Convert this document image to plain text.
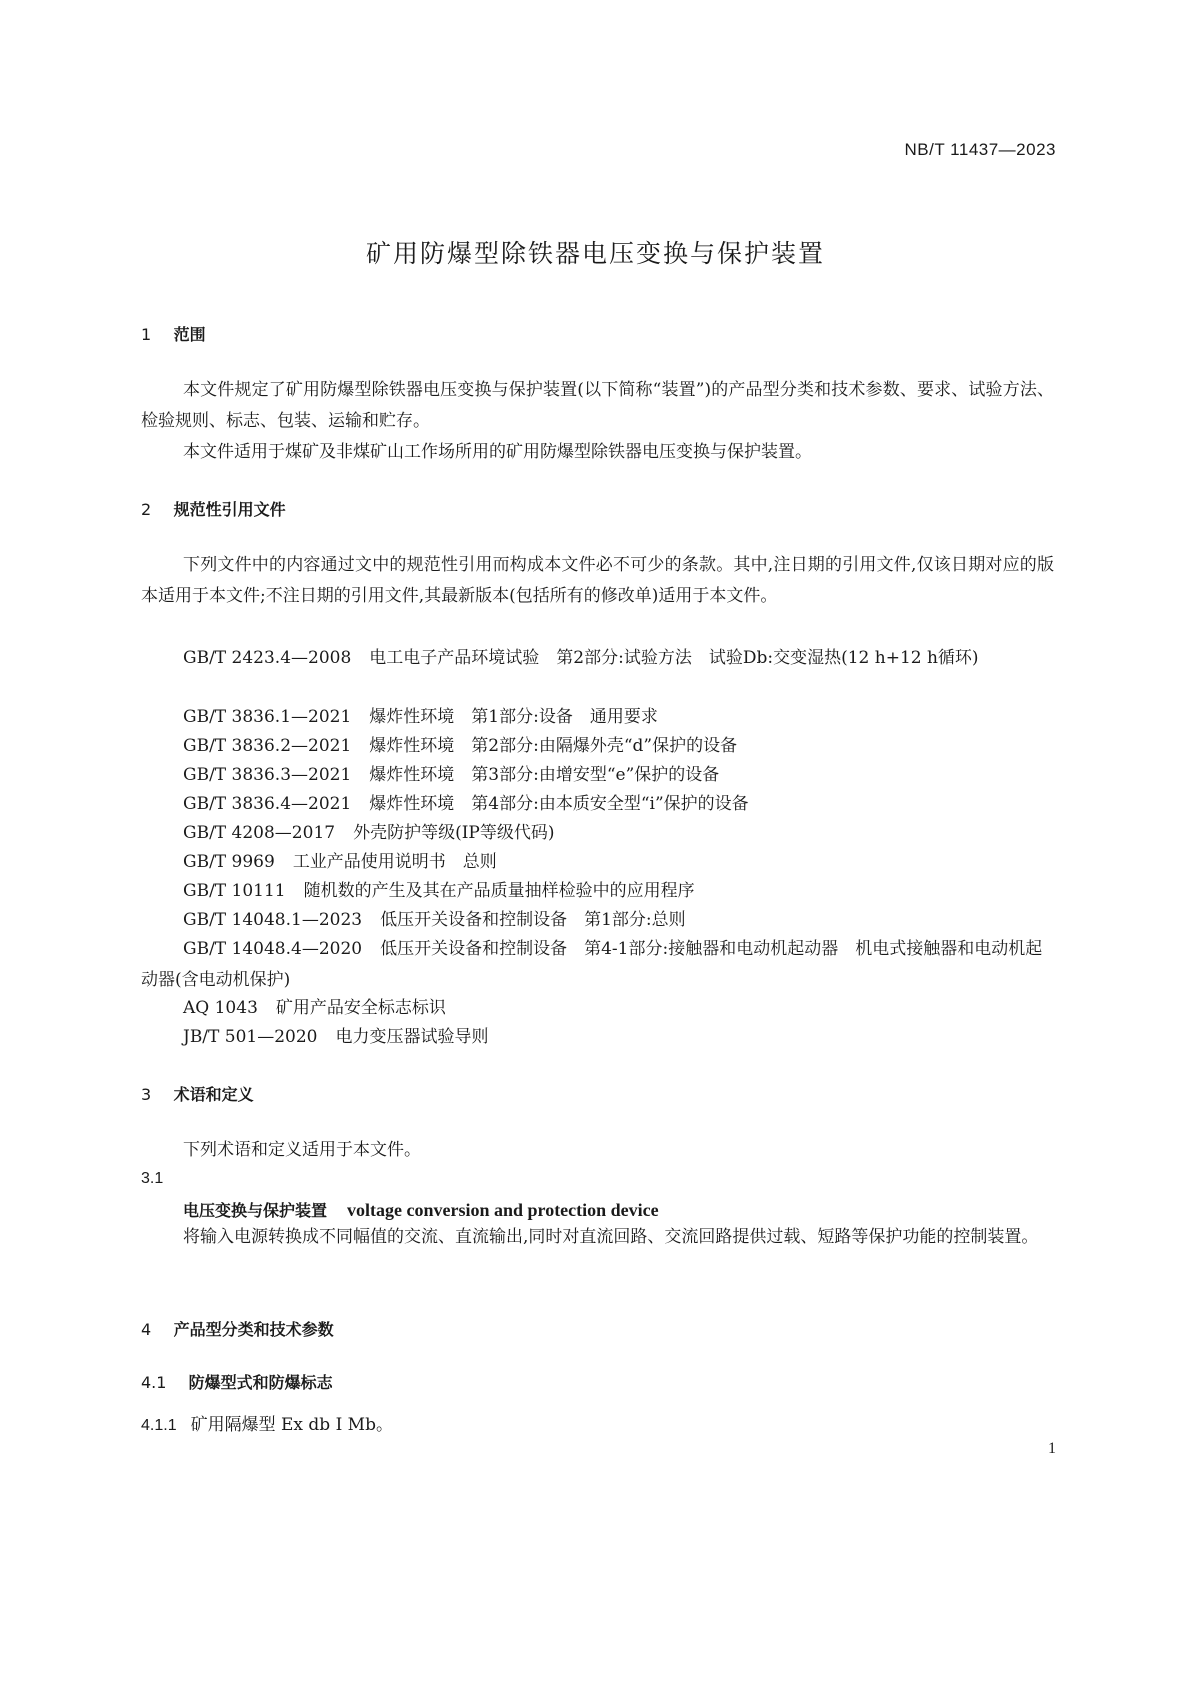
NB/T 11437—2023
矿用防爆型除铁器电压变换与保护装置
1 范围

本文件规定了矿用防爆型除铁器电压变换与保护装置(以下简称“装置”)的产品型分类和技术参数、要求、试验方法、检验规则、标志、包装、运输和贮存。

本文件适用于煤矿及非煤矿山工作场所用的矿用防爆型除铁器电压变换与保护装置。

2 规范性引用文件

下列文件中的内容通过文中的规范性引用而构成本文件必不可少的条款。其中,注日期的引用文件,仅该日期对应的版本适用于本文件;不注日期的引用文件,其最新版本(包括所有的修改单)适用于本文件。

GB/T 2423.4—2008 电工电子产品环境试验　第2部分:试验方法　试验Db:交变湿热(12 h+12 h循环)

GB/T 3836.1—2021 爆炸性环境　第1部分:设备　通用要求

GB/T 3836.2—2021 爆炸性环境　第2部分:由隔爆外壳“d”保护的设备

GB/T 3836.3—2021 爆炸性环境　第3部分:由增安型“e”保护的设备

GB/T 3836.4—2021 爆炸性环境　第4部分:由本质安全型“i”保护的设备

GB/T 4208—2017 外壳防护等级(IP等级代码)

GB/T 9969 工业产品使用说明书　总则

GB/T 10111 随机数的产生及其在产品质量抽样检验中的应用程序

GB/T 14048.1—2023 低压开关设备和控制设备　第1部分:总则

GB/T 14048.4—2020 低压开关设备和控制设备　第4-1部分:接触器和电动机起动器　机电式接触器和电动机起动器(含电动机保护)

AQ 1043 矿用产品安全标志标识

JB/T 501—2020 电力变压器试验导则

3 术语和定义

下列术语和定义适用于本文件。

3.1
电压变换与保护装置 voltage conversion and protection device

将输入电源转换成不同幅值的交流、直流输出,同时对直流回路、交流回路提供过载、短路等保护功能的控制装置。

4 产品型分类和技术参数
4.1 防爆型式和防爆标志
4.1.1 矿用隔爆型 Ex db I Mb。
1
